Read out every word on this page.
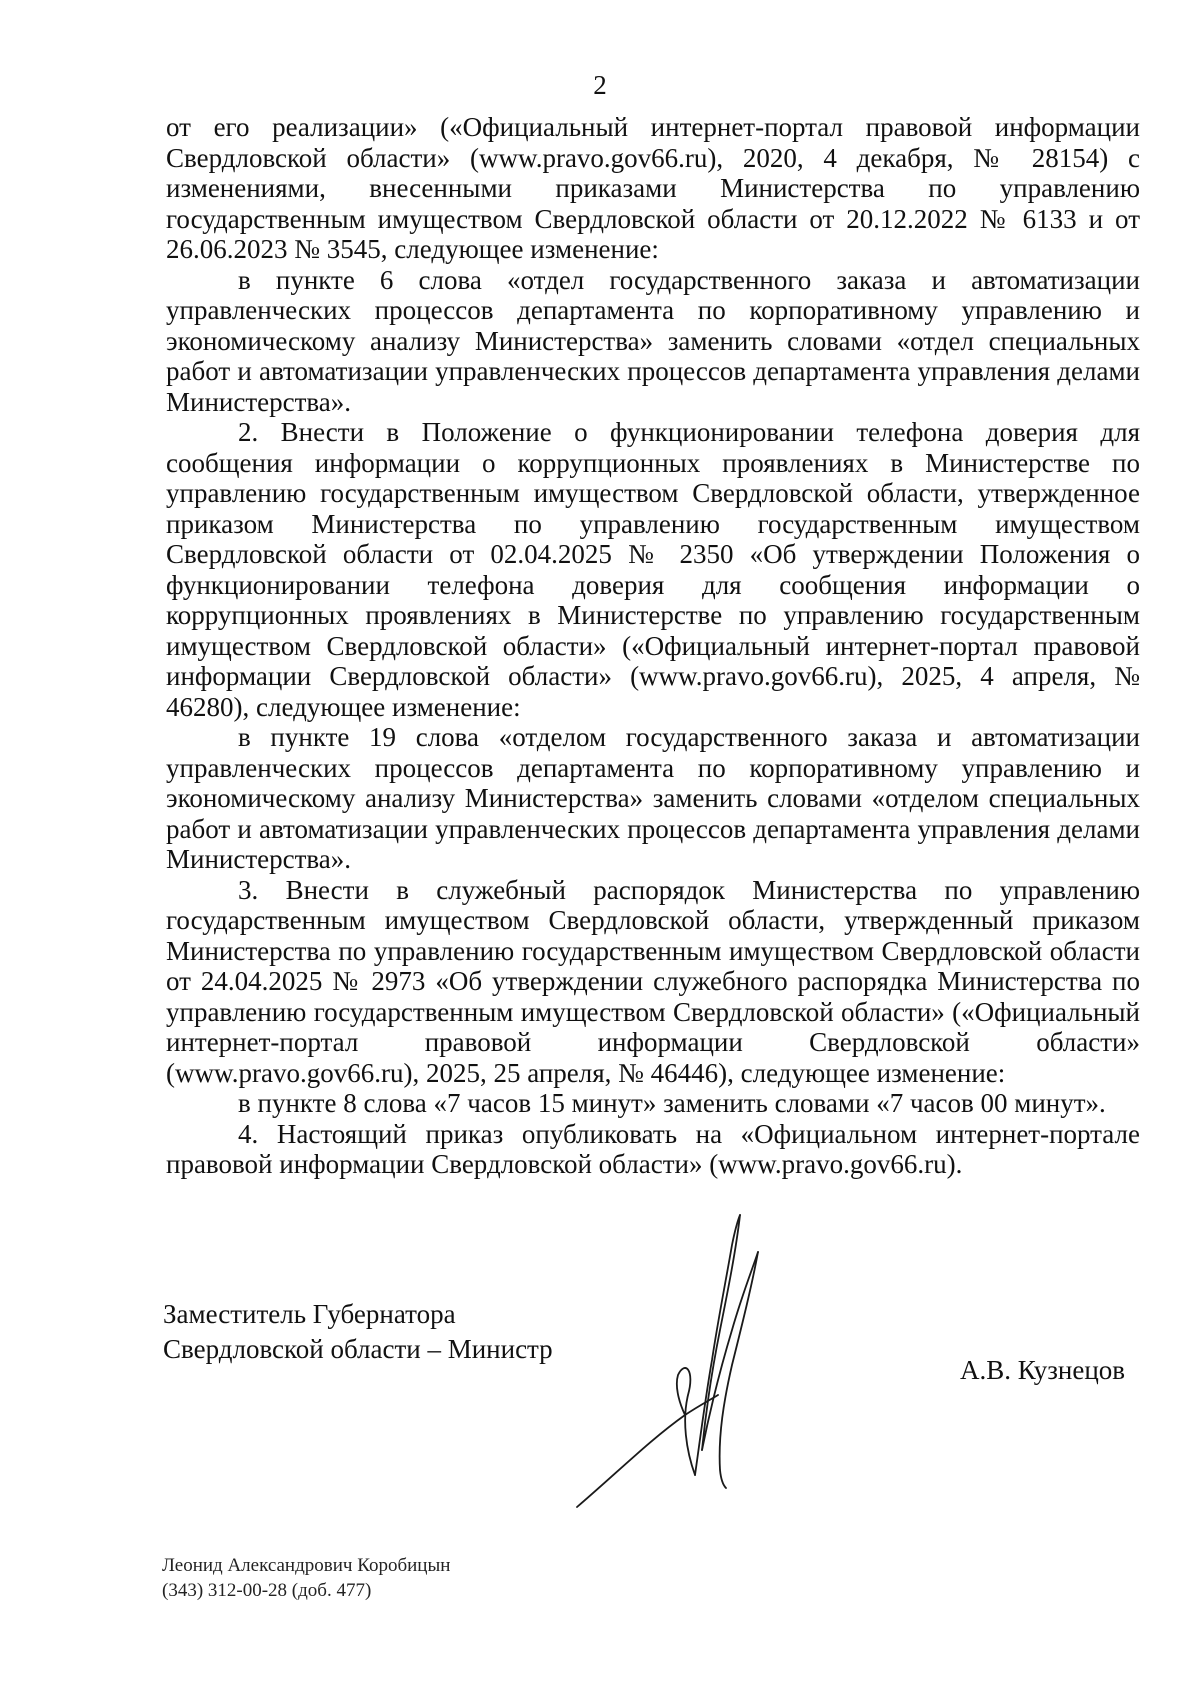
2

от его реализации» («Официальный интернет-портал правовой информации Свердловской области» (www.pravo.gov66.ru), 2020, 4 декабря, № 28154) с изменениями, внесенными приказами Министерства по управлению государственным имуществом Свердловской области от 20.12.2022 № 6133 и от 26.06.2023 № 3545, следующее изменение:

в пункте 6 слова «отдел государственного заказа и автоматизации управленческих процессов департамента по корпоративному управлению и экономическому анализу Министерства» заменить словами «отдел специальных работ и автоматизации управленческих процессов департамента управления делами Министерства».

2. Внести в Положение о функционировании телефона доверия для сообщения информации о коррупционных проявлениях в Министерстве по управлению государственным имуществом Свердловской области, утвержденное приказом Министерства по управлению государственным имуществом Свердловской области от 02.04.2025 № 2350 «Об утверждении Положения о функционировании телефона доверия для сообщения информации о коррупционных проявлениях в Министерстве по управлению государственным имуществом Свердловской области» («Официальный интернет-портал правовой информации Свердловской области» (www.pravo.gov66.ru), 2025, 4 апреля, № 46280), следующее изменение:

в пункте 19 слова «отделом государственного заказа и автоматизации управленческих процессов департамента по корпоративному управлению и экономическому анализу Министерства» заменить словами «отделом специальных работ и автоматизации управленческих процессов департамента управления делами Министерства».

3. Внести в служебный распорядок Министерства по управлению государственным имуществом Свердловской области, утвержденный приказом Министерства по управлению государственным имуществом Свердловской области от 24.04.2025 № 2973 «Об утверждении служебного распорядка Министерства по управлению государственным имуществом Свердловской области» («Официальный интернет-портал правовой информации Свердловской области» (www.pravo.gov66.ru), 2025, 25 апреля, № 46446), следующее изменение:

в пункте 8 слова «7 часов 15 минут» заменить словами «7 часов 00 минут».

4. Настоящий приказ опубликовать на «Официальном интернет-портале правовой информации Свердловской области» (www.pravo.gov66.ru).

Заместитель Губернатора
Свердловской области – Министр
А.В. Кузнецов
Леонид Александрович Коробицын
(343) 312-00-28 (доб. 477)
